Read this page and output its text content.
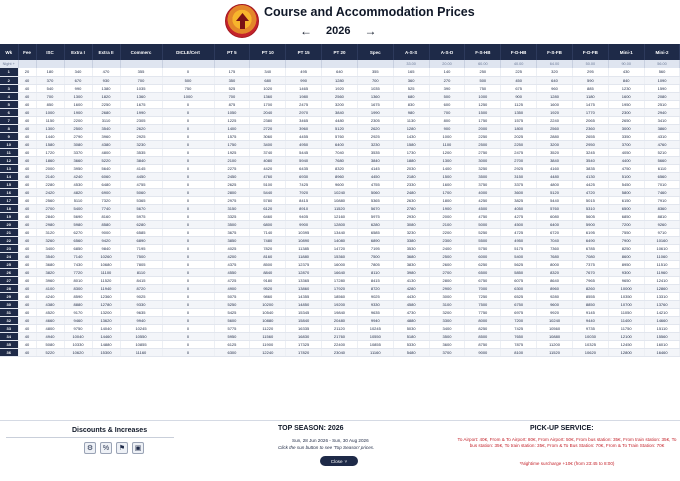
Course and Accommodation Prices
← 2026 →
Wk	Fee	ISC	Extra I	Extra II	Commerc	DICLE/Cert	PT 5	PT 10	PT 15	PT 20	Spec	A-S-S	A-S-D	F-S-HB	F-D-HB	F-S-FB	F-D-FB	Mini-1	Mini-2
Night +												33.00	20.00	60.00	40.00	64.00	50.00	90.00	56.00
1	20	180	340	470	355	0	175	340	495	640	355	165	140	250	225	320	295	430	560
2	40	370	670	930	700	500	350	680	990	1280	700	360	270	500	450	640	590	840	1090
3	40	540	990	1380	1035	750	525	1020	1465	1920	1035	525	390	750	675	960	885	1230	1590
4	40	700	1300	1820	1360	1000	700	1360	1980	2560	1360	680	500	1000	900	1280	1180	1600	2080
5	40	850	1600	2250	1675	0	875	1700	2475	3200	1675	830	600	1250	1125	1600	1475	1950	2510
6	40	1000	1900	2680	1990	0	1050	2040	2970	3840	1990	980	700	1500	1350	1920	1770	2300	2940
7	40	1150	2200	3110	2305	0	1225	2380	3465	4480	2305	1130	800	1750	1575	2240	2065	2650	3410
8	40	1300	2500	3540	2620	0	1400	2720	3960	5120	2620	1280	900	2000	1800	2560	2360	3000	3860
9	40	1440	2790	3960	2925	0	1575	3060	4455	5760	2925	1430	1000	2250	2025	2880	2655	3350	4310
10	40	1580	3080	4380	3230	0	1750	3400	4950	6400	3230	1580	1100	2500	2250	3200	2950	3700	4760
11	40	1720	3370	4800	3535	0	1925	3740	5445	7040	3535	1730	1200	2750	2475	3520	3245	4050	5210
12	40	1860	3660	5220	3840	0	2100	4080	5940	7680	3840	1880	1300	3000	2700	3840	3540	4400	5660
13	40	2000	3950	5640	4145	0	2275	4420	6435	8320	4145	2030	1400	3250	2925	4160	3835	4750	6110
14	40	2140	4240	6060	4450	0	2450	4760	6930	8960	4450	2180	1500	3500	3150	4480	4130	5100	6560
15	40	2280	4530	6480	4755	0	2625	5100	7425	9600	4755	2330	1600	3750	3375	4800	4425	5450	7010
16	40	2420	4820	6900	5060	0	2800	5440	7920	10240	5060	2480	1700	4000	3600	5120	4720	5800	7460
17	40	2560	5110	7320	5365	0	2975	5780	8415	10880	5365	2630	1800	4250	3825	5440	5015	6150	7910
18	40	2700	5400	7740	5670	0	3150	6120	8910	11520	5670	2780	1900	4500	4050	5760	5310	6500	8360
19	40	2840	5690	8160	5975	0	3325	6460	9405	12160	5975	2930	2000	4750	4275	6080	5605	6850	8810
20	40	2980	5980	8580	6280	0	3500	6800	9900	12800	6280	3080	2100	5000	4500	6400	5900	7200	9260
21	40	3120	6270	9000	6585	0	3675	7140	10395	13440	6585	3230	2200	5250	4725	6720	6195	7550	9710
22	40	3260	6560	9420	6890	0	3850	7480	10890	14080	6890	3380	2300	5500	4950	7040	6490	7900	10160
23	40	3400	6850	9840	7195	0	4025	7820	11385	14720	7195	3530	2400	5750	5175	7360	6785	8250	10610
24	40	3540	7140	10260	7500	0	4200	8160	11880	15360	7500	3680	2500	6000	5400	7680	7080	8600	11060
25	40	3680	7430	10680	7805	0	4375	8500	12375	16000	7805	3830	2600	6250	5625	8000	7375	8950	11510
26	40	3820	7720	11100	8110	0	4550	8840	12870	16640	8110	3980	2700	6500	5850	8320	7670	9300	11960
27	40	3960	8010	11520	8415	0	4725	9180	13365	17280	8415	4130	2800	6750	6075	8640	7965	9650	12410
28	40	4100	8300	11940	8720	0	4900	9520	13860	17920	8720	4280	2900	7000	6300	8960	8260	10000	12860
29	40	4240	8590	12360	9025	0	5075	9860	14355	18560	9025	4430	3000	7250	6525	9280	8555	10350	13310
30	40	4380	8880	12780	9330	0	5250	10200	14850	19200	9330	4580	3100	7500	6750	9600	8850	10700	13760
31	40	4520	9170	13200	9635	0	5425	10540	15345	19840	9635	4730	3200	7750	6975	9920	9145	11050	14210
32	40	4660	9460	13620	9940	0	5600	10880	15840	20480	9940	4880	3300	8000	7200	10240	9440	11400	14660
33	40	4800	9750	14040	10245	0	5775	11220	16335	21120	10245	5030	3400	8250	7425	10560	9735	11750	15110
34	40	4940	10040	14460	10550	0	5950	11560	16830	21760	10550	5180	3500	8500	7650	10880	10030	12100	15560
35	40	5080	10330	14880	10855	0	6125	11900	17325	22400	10855	5330	3600	8750	7875	11200	10325	12450	16010
36	40	5220	10620	15300	11160	0	6300	12240	17820	23040	11160	5480	3700	9000	8100	11520	10620	12800	16460
Discounts & Increases
⚙	%	⚑	▣
TOP SEASON: 2026
Sun, 28 Jun 2026 - Sun, 30 Aug 2026
Click the sun button to see 'Top Season' prices.
Close ˅
PICK-UP SERVICE:
To Airport: 40€, From & To Airport: 80€, From Airport: 50€, From bus station: 35€, From train station: 35€, To bus station: 35€, To train station: 35€, From & To Bus Station: 70€, From & To Train Station: 70€
*Nightime surcharge +10€ (from 23:45 to 8:00)
